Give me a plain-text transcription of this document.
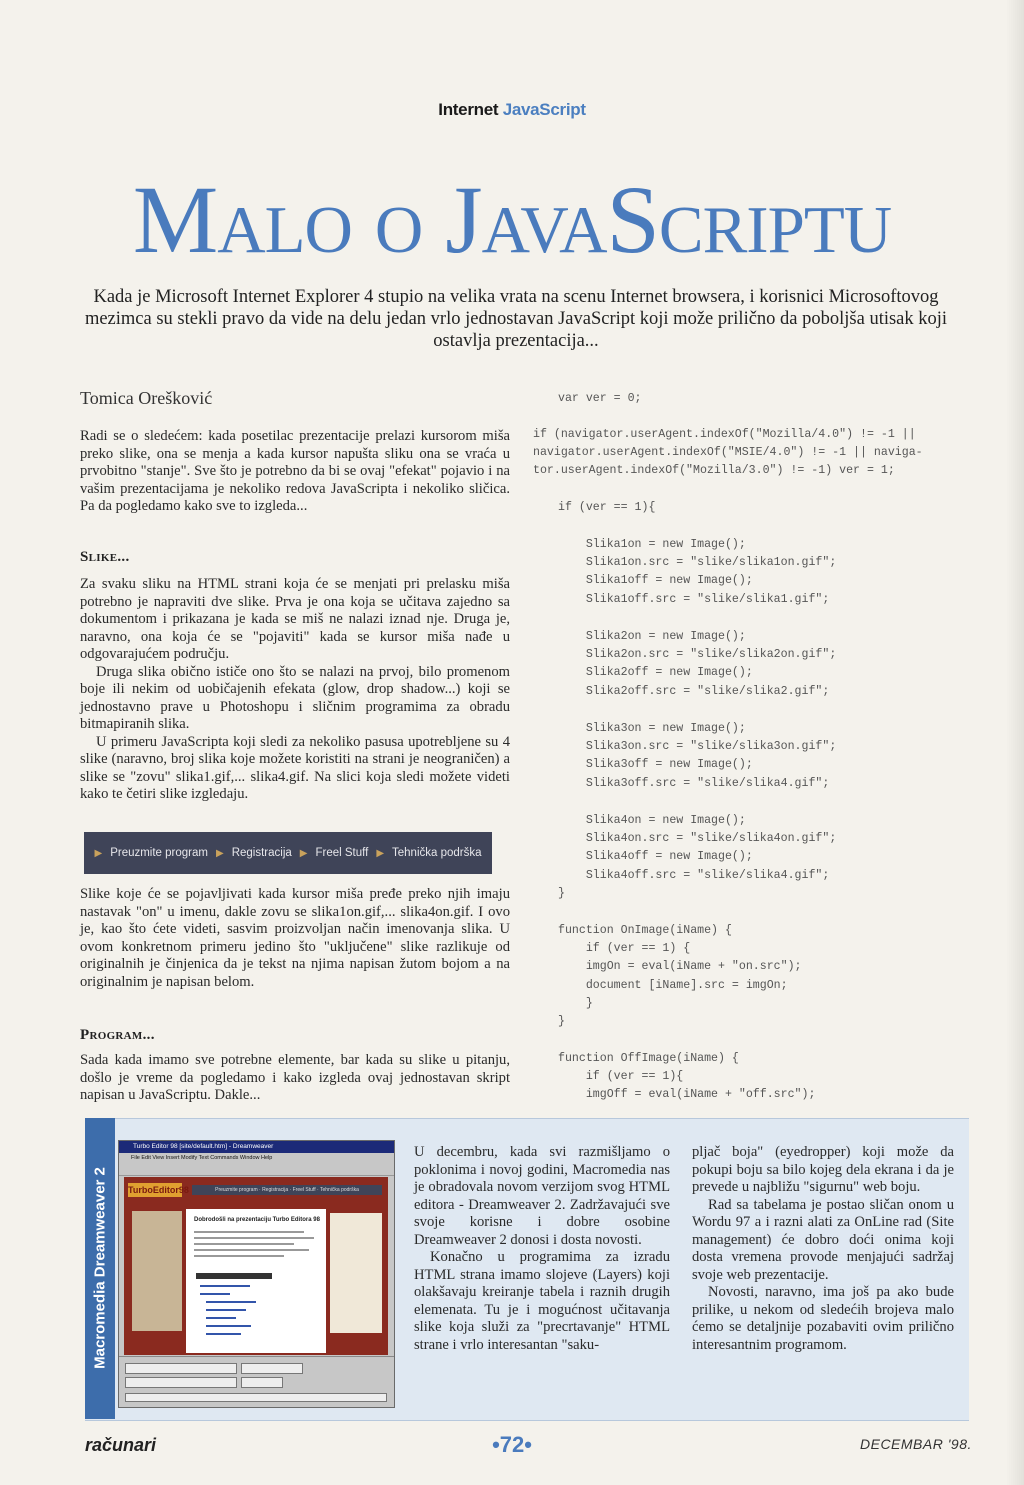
Internet JavaScript
Malo o JavaScriptu
Kada je Microsoft Internet Explorer 4 stupio na velika vrata na scenu Internet browsera, i korisnici Microsoftovog mezimca su stekli pravo da vide na delu jedan vrlo jednostavan JavaScript koji može prilično da poboljša utisak koji ostavlja prezentacija...
Tomica Orešković

Radi se o sledećem: kada posetilac prezentacije prelazi kursorom miša preko slike, ona se menja a kada kursor napušta sliku ona se vraća u prvobitno "stanje". Sve što je potrebno da bi se ovaj "efekat" pojavio i na vašim prezentacijama je nekoliko redova JavaScripta i nekoliko sličica. Pa da pogledamo kako sve to izgleda...

Slike...

Za svaku sliku na HTML strani koja će se menjati pri prelasku miša potrebno je napraviti dve slike. Prva je ona koja se učitava zajedno sa dokumentom i prikazana je kada se miš ne nalazi iznad nje. Druga je, naravno, ona koja će se "pojaviti" kada se kursor miša nađe u odgovarajućem području.

Druga slika obično ističe ono što se nalazi na prvoj, bilo promenom boje ili nekim od uobičajenih efekata (glow, drop shadow...) koji se jednostavno prave u Photoshopu i sličnim programima za obradu bitmapiranih slika.

U primeru JavaScripta koji sledi za nekoliko pasusa upotrebljene su 4 slike (naravno, broj slika koje možete koristiti na strani je neograničen) a slike se "zovu" slika1.gif,... slika4.gif. Na slici koja sledi možete videti kako te četiri slike izgledaju.

▶ Preuzmite program ▶ Registracija ▶ Freel Stuff ▶ Tehnička podrška

Slike koje će se pojavljivati kada kursor miša pređe preko njih imaju nastavak "on" u imenu, dakle zovu se slika1on.gif,... slika4on.gif. I ovo je, kao što ćete videti, sasvim proizvoljan način imenovanja slika. U ovom konkretnom primeru jedino što "uključene" slike razlikuje od originalnih je činjenica da je tekst na njima napisan žutom bojom a na originalnim je napisan belom.

Program...

Sada kada imamo sve potrebne elemente, bar kada su slike u pitanju, došlo je vreme da pogledamo i kako izgleda ovaj jednostavan skript napisan u JavaScriptu. Dakle...

var ver = 0;
if (navigator.userAgent.indexOf("Mozilla/4.0") != -1 ||
navigator.userAgent.indexOf("MSIE/4.0") != -1 || naviga-
tor.userAgent.indexOf("Mozilla/3.0") != -1) ver = 1;
if (ver == 1){
Slika1on = new Image();
Slika1on.src = "slike/slika1on.gif";
Slika1off = new Image();
Slika1off.src = "slike/slika1.gif";
Slika2on = new Image();
Slika2on.src = "slike/slika2on.gif";
Slika2off = new Image();
Slika2off.src = "slike/slika2.gif";
Slika3on = new Image();
Slika3on.src = "slike/slika3on.gif";
Slika3off = new Image();
Slika3off.src = "slike/slika4.gif";
Slika4on = new Image();
Slika4on.src = "slike/slika4on.gif";
Slika4off = new Image();
Slika4off.src = "slike/slika4.gif";
}
function OnImage(iName) {
if (ver == 1) {
imgOn = eval(iName + "on.src");
document [iName].src = imgOn;
}
}
function OffImage(iName) {
if (ver == 1){
imgOff = eval(iName + "off.src");
Macromedia Dreamweaver 2
Turbo Editor 98 [site/default.htm] - Dreamweaver
File Edit View Insert Modify Text Commands Window Help
TurboEditor98	Preuzmite program · Registracija · Freel Stuff · Tehnička podrška
Dobrodošli na prezentaciju Turbo Editora 98

U decembru, kada svi razmišljamo o poklonima i novoj godini, Macromedia nas je obradovala novom verzijom svog HTML editora - Dreamweaver 2. Zadržavajući sve svoje korisne i dobre osobine Dreamweaver 2 donosi i dosta novosti.

Konačno u programima za izradu HTML strana imamo slojeve (Layers) koji olakšavaju kreiranje tabela i raznih drugih elemenata. Tu je i mogućnost učitavanja slike koja služi za "precrtavanje" HTML strane i vrlo interesantan "saku-

pljač boja" (eyedropper) koji može da pokupi boju sa bilo kojeg dela ekrana i da je prevede u najbližu "sigurnu" web boju.

Rad sa tabelama je postao sličan onom u Wordu 97 a i razni alati za OnLine rad (Site management) će dobro doći onima koji dosta vremena provode menjajući sadržaj svoje web prezentacije.

Novosti, naravno, ima još pa ako bude prilike, u nekom od sledećih brojeva malo ćemo se detaljnije pozabaviti ovim prilično interesantnim programom.

računari	•72•	DECEMBAR '98.
